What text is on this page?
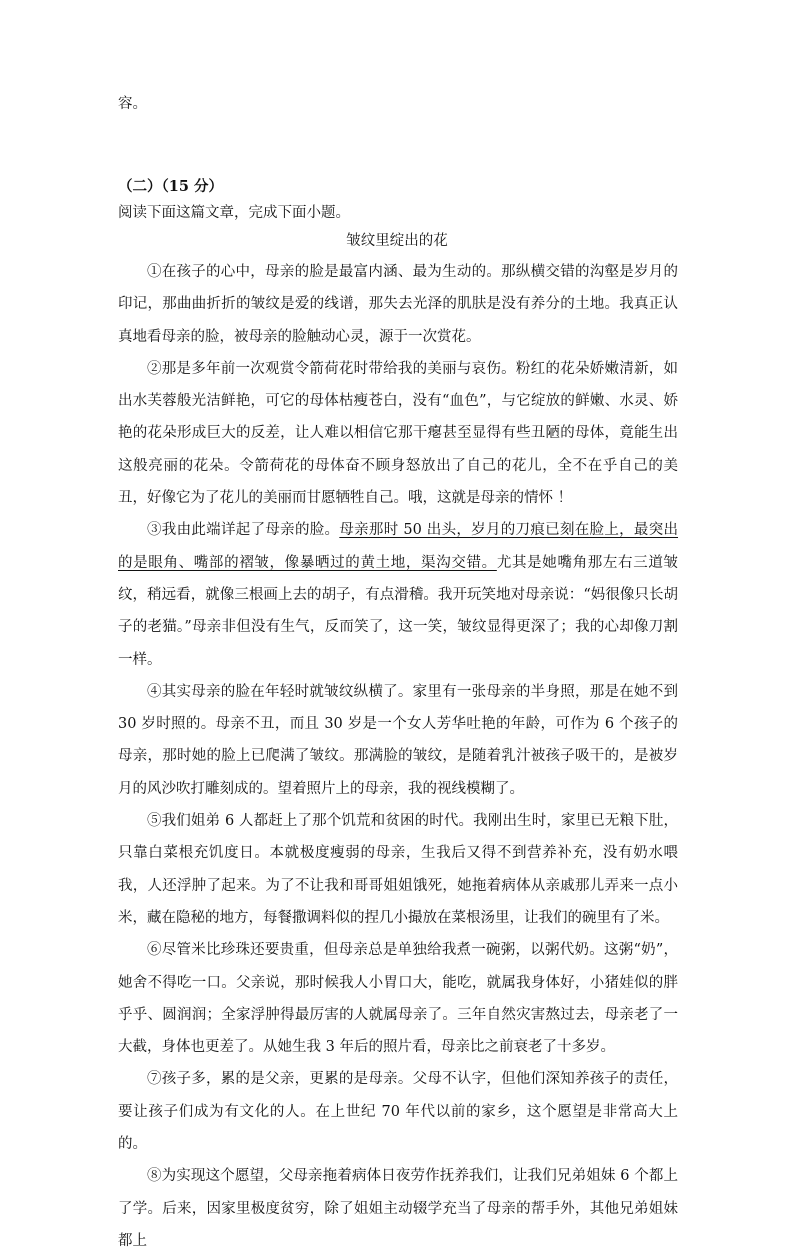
容。
（二）（15 分）
阅读下面这篇文章，完成下面小题。
皱纹里绽出的花

①在孩子的心中，母亲的脸是最富内涵、最为生动的。那纵横交错的沟壑是岁月的印记，那曲曲折折的皱纹是爱的线谱，那失去光泽的肌肤是没有养分的土地。我真正认真地看母亲的脸，被母亲的脸触动心灵，源于一次赏花。

②那是多年前一次观赏令箭荷花时带给我的美丽与哀伤。粉红的花朵娇嫩清新，如出水芙蓉般光洁鲜艳，可它的母体枯瘦苍白，没有“血色”，与它绽放的鲜嫩、水灵、娇艳的花朵形成巨大的反差，让人难以相信它那干瘪甚至显得有些丑陋的母体，竟能生出这般亮丽的花朵。令箭荷花的母体奋不顾身怒放出了自己的花儿，全不在乎自己的美丑，好像它为了花儿的美丽而甘愿牺牲自己。哦，这就是母亲的情怀 ！

③我由此端详起了母亲的脸。母亲那时 50 出头，岁月的刀痕已刻在脸上，最突出的是眼角、嘴部的褶皱，像暴晒过的黄土地，渠沟交错。尤其是她嘴角那左右三道皱纹，稍远看，就像三根画上去的胡子，有点滑稽。我开玩笑地对母亲说：“妈很像只长胡子的老猫。”母亲非但没有生气，反而笑了，这一笑，皱纹显得更深了；我的心却像刀割一样。

④其实母亲的脸在年轻时就皱纹纵横了。家里有一张母亲的半身照，那是在她不到 30 岁时照的。母亲不丑，而且 30 岁是一个女人芳华吐艳的年龄，可作为 6 个孩子的母亲，那时她的脸上已爬满了皱纹。那满脸的皱纹，是随着乳汁被孩子吸干的，是被岁月的风沙吹打雕刻成的。望着照片上的母亲，我的视线模糊了。

⑤我们姐弟 6 人都赶上了那个饥荒和贫困的时代。我刚出生时，家里已无粮下肚，只靠白菜根充饥度日。本就极度瘦弱的母亲，生我后又得不到营养补充，没有奶水喂我，人还浮肿了起来。为了不让我和哥哥姐姐饿死，她拖着病体从亲戚那儿弄来一点小米，藏在隐秘的地方，每餐撒调料似的捏几小撮放在菜根汤里，让我们的碗里有了米。

⑥尽管米比珍珠还要贵重，但母亲总是单独给我煮一碗粥，以粥代奶。这粥“奶”，她舍不得吃一口。父亲说，那时候我人小胃口大，能吃，就属我身体好，小猪娃似的胖乎乎、圆润润；全家浮肿得最厉害的人就属母亲了。三年自然灾害熬过去，母亲老了一大截，身体也更差了。从她生我 3 年后的照片看，母亲比之前衰老了十多岁。

⑦孩子多，累的是父亲，更累的是母亲。父母不认字，但他们深知养孩子的责任，要让孩子们成为有文化的人。在上世纪 70 年代以前的家乡，这个愿望是非常高大上的。

⑧为实现这个愿望，父母亲拖着病体日夜劳作抚养我们，让我们兄弟姐妹 6 个都上了学。后来，因家里极度贫穷，除了姐姐主动辍学充当了母亲的帮手外，其他兄弟姐妹都上
